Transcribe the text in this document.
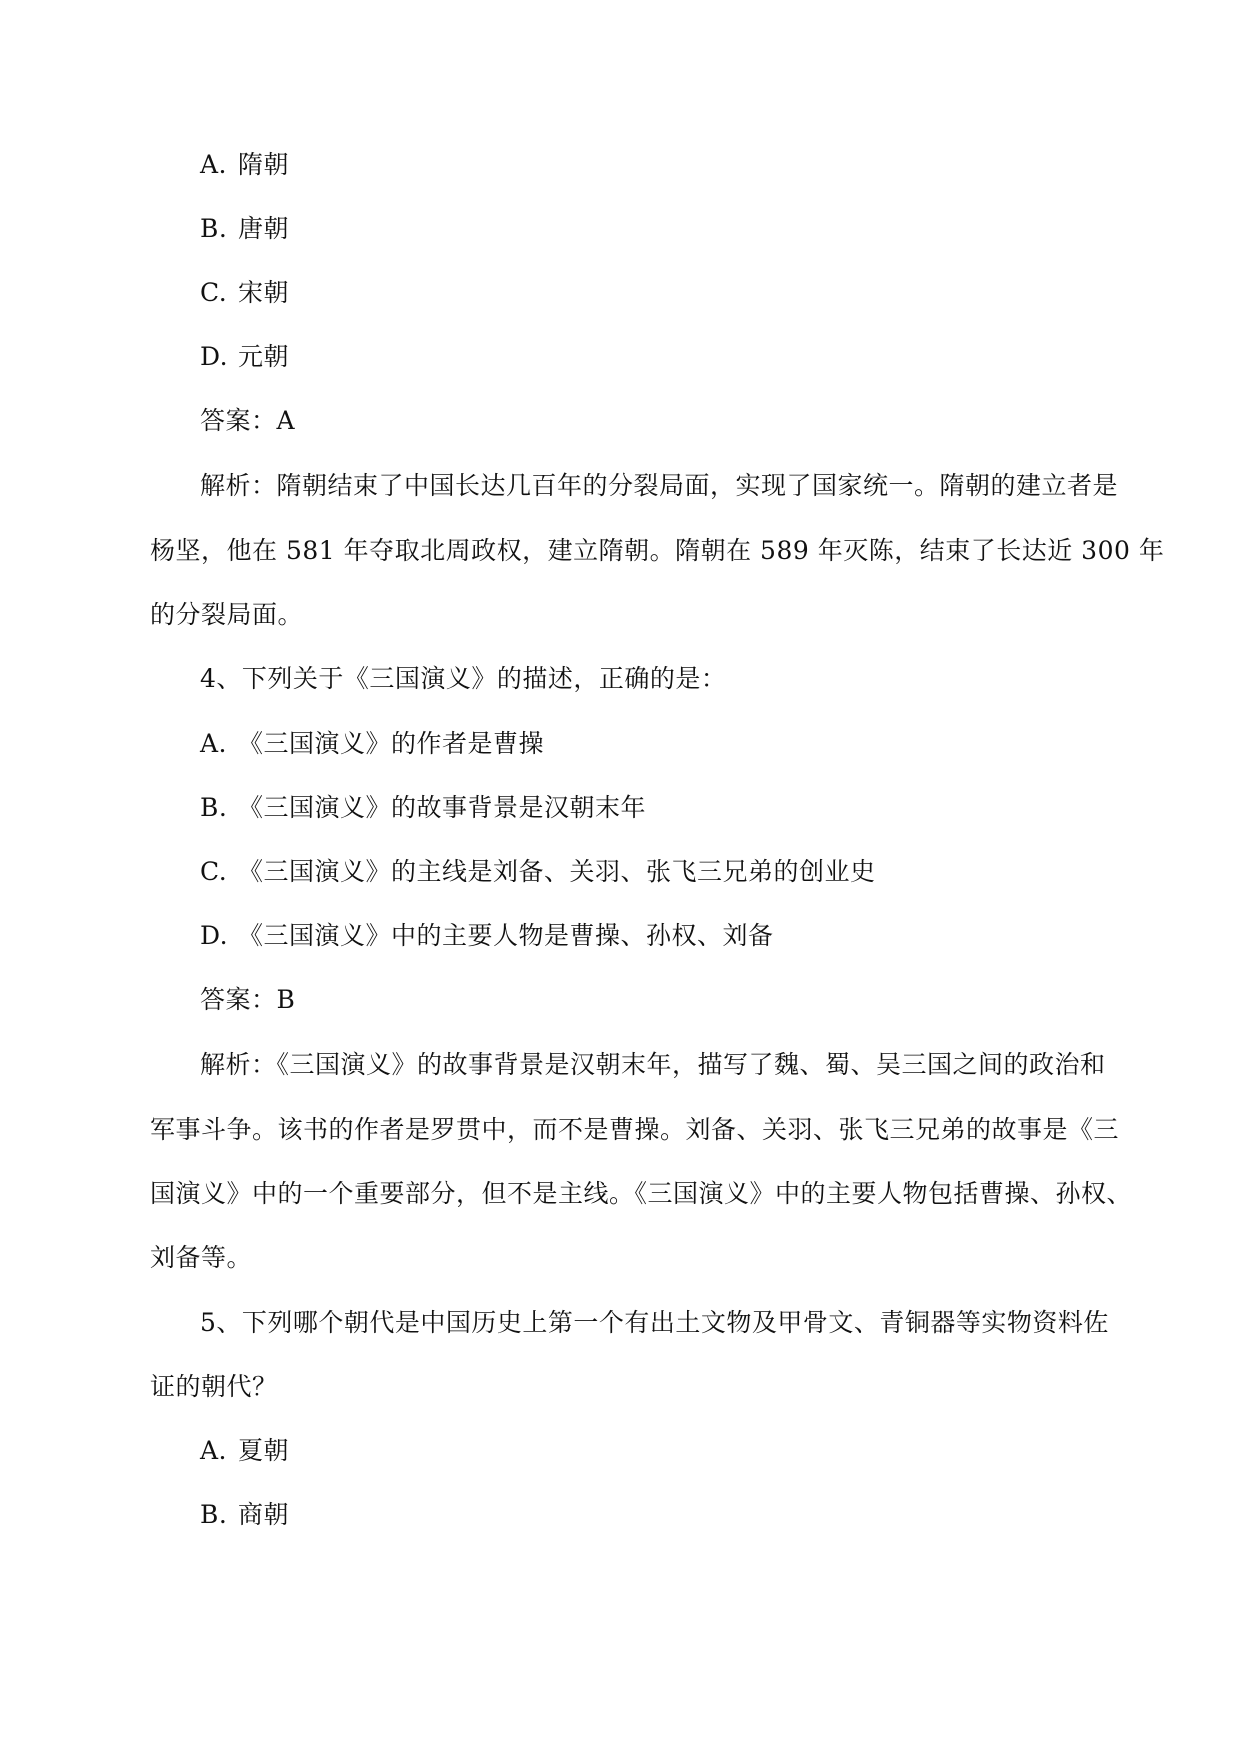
A. 隋朝
B. 唐朝
C. 宋朝
D. 元朝
答案：A
解析：隋朝结束了中国长达几百年的分裂局面，实现了国家统一。隋朝的建立者是
杨坚，他在 581 年夺取北周政权，建立隋朝。隋朝在 589 年灭陈，结束了长达近 300 年
的分裂局面。
4、下列关于《三国演义》的描述，正确的是：
A. 《三国演义》的作者是曹操
B. 《三国演义》的故事背景是汉朝末年
C. 《三国演义》的主线是刘备、关羽、张飞三兄弟的创业史
D. 《三国演义》中的主要人物是曹操、孙权、刘备
答案：B
解析：《三国演义》的故事背景是汉朝末年，描写了魏、蜀、吴三国之间的政治和
军事斗争。该书的作者是罗贯中，而不是曹操。刘备、关羽、张飞三兄弟的故事是《三
国演义》中的一个重要部分，但不是主线。《三国演义》中的主要人物包括曹操、孙权、
刘备等。
5、下列哪个朝代是中国历史上第一个有出土文物及甲骨文、青铜器等实物资料佐
证的朝代？
A. 夏朝
B. 商朝
